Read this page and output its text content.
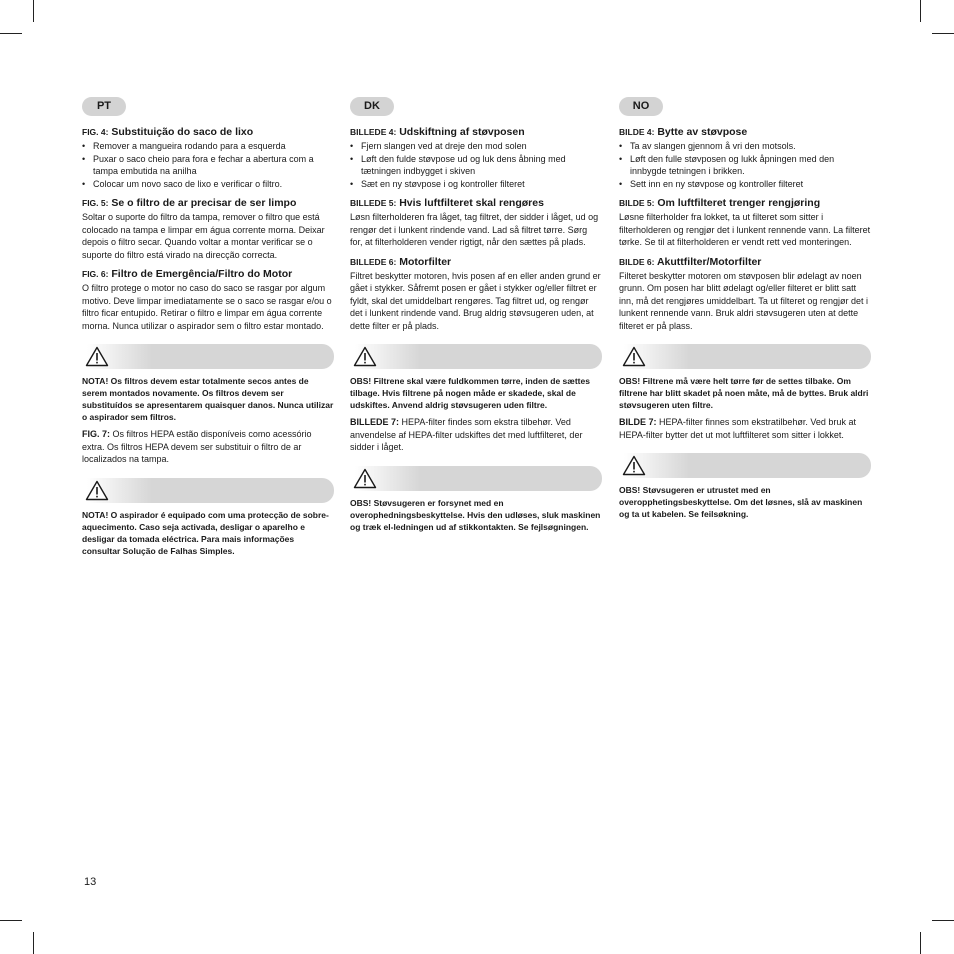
PT
FIG. 4: Substituição do saco de lixo
• Remover a mangueira rodando para a esquerda
• Puxar o saco cheio para fora e fechar a abertura com a tampa embutida na anilha
• Colocar um novo saco de lixo e verificar o filtro.
FIG. 5: Se o filtro de ar precisar de ser limpo

Soltar o suporte do filtro da tampa, remover o filtro que está colocado na tampa e limpar em água corrente morna. Deixar depois o filtro secar. Quando voltar a montar verificar se o suporte do filtro está virado na direcção correcta.

FIG. 6: Filtro de Emergência/Filtro do Motor

O filtro protege o motor no caso do saco se rasgar por algum motivo. Deve limpar imediatamente se o saco se rasgar e/ou o filtro ficar entupido. Retirar o filtro e limpar em água corrente morna. Nunca utilizar o aspirador sem o filtro estar montado.

NOTA! Os filtros devem estar totalmente secos antes de serem montados novamente. Os filtros devem ser substituídos se apresentarem quaisquer danos. Nunca utilizar o aspirador sem filtros.

FIG. 7: Os filtros HEPA estão disponíveis como acessório extra. Os filtros HEPA devem ser substituir o filtro de ar localizados na tampa.

NOTA! O aspirador é equipado com uma protecção de sobre-aquecimento. Caso seja activada, desligar o aparelho e desligar da tomada eléctrica. Para mais informações consultar Solução de Falhas Simples.

DK
BILLEDE 4: Udskiftning af støvposen
• Fjern slangen ved at dreje den mod solen
• Løft den fulde støvpose ud og luk dens åbning med tætningen indbygget i skiven
• Sæt en ny støvpose i og kontroller filteret
BILLEDE 5: Hvis luftfilteret skal rengøres

Løsn filterholderen fra låget, tag filtret, der sidder i låget, ud og rengør det i lunkent rindende vand. Lad så filtret tørre. Sørg for, at filterholderen vender rigtigt, når den sættes på plads.

BILLEDE 6: Motorfilter

Filtret beskytter motoren, hvis posen af en eller anden grund er gået i stykker. Såfremt posen er gået i stykker og/eller filtret er fyldt, skal det umiddelbart rengøres. Tag filtret ud, og rengør det i lunkent rindende vand. Brug aldrig støvsugeren uden, at dette filter er på plads.

OBS! Filtrene skal være fuldkommen tørre, inden de sættes tilbage. Hvis filtrene på nogen måde er skadede, skal de udskiftes. Anvend aldrig støvsugeren uden filtre.

BILLEDE 7: HEPA-filter findes som ekstra tilbehør. Ved anvendelse af HEPA-filter udskiftes det med luftfilteret, der sidder i låget.

OBS! Støvsugeren er forsynet med en overophedningsbeskyttelse. Hvis den udløses, sluk maskinen og træk el-ledningen ud af stikkontakten. Se fejlsøgningen.

NO
BILDE 4: Bytte av støvpose
• Ta av slangen gjennom å vri den motsols.
• Løft den fulle støvposen og lukk åpningen med den innbygde tetningen i brikken.
• Sett inn en ny støvpose og kontroller filteret
BILDE 5: Om luftfilteret trenger rengjøring

Løsne filterholder fra lokket, ta ut filteret som sitter i filterholderen og rengjør det i lunkent rennende vann. La filteret tørke. Se til at filterholderen er vendt rett ved monteringen.

BILDE 6: Akuttfilter/Motorfilter

Filteret beskytter motoren om støvposen blir ødelagt av noen grunn. Om posen har blitt ødelagt og/eller filteret er blitt satt inn, må det rengjøres umiddelbart. Ta ut filteret og rengjør det i lunkent rennende vann. Bruk aldri støvsugeren uten at dette filteret er på plass.

OBS! Filtrene må være helt tørre før de settes tilbake. Om filtrene har blitt skadet på noen måte, må de byttes. Bruk aldri støvsugeren uten filtre.

BILDE 7: HEPA-filter finnes som ekstratilbehør. Ved bruk at HEPA-filter bytter det ut mot luftfilteret som sitter i lokket.

OBS! Støvsugeren er utrustet med en overopphetingsbeskyttelse. Om det løsnes, slå av maskinen og ta ut kabelen. Se feilsøkning.

13
